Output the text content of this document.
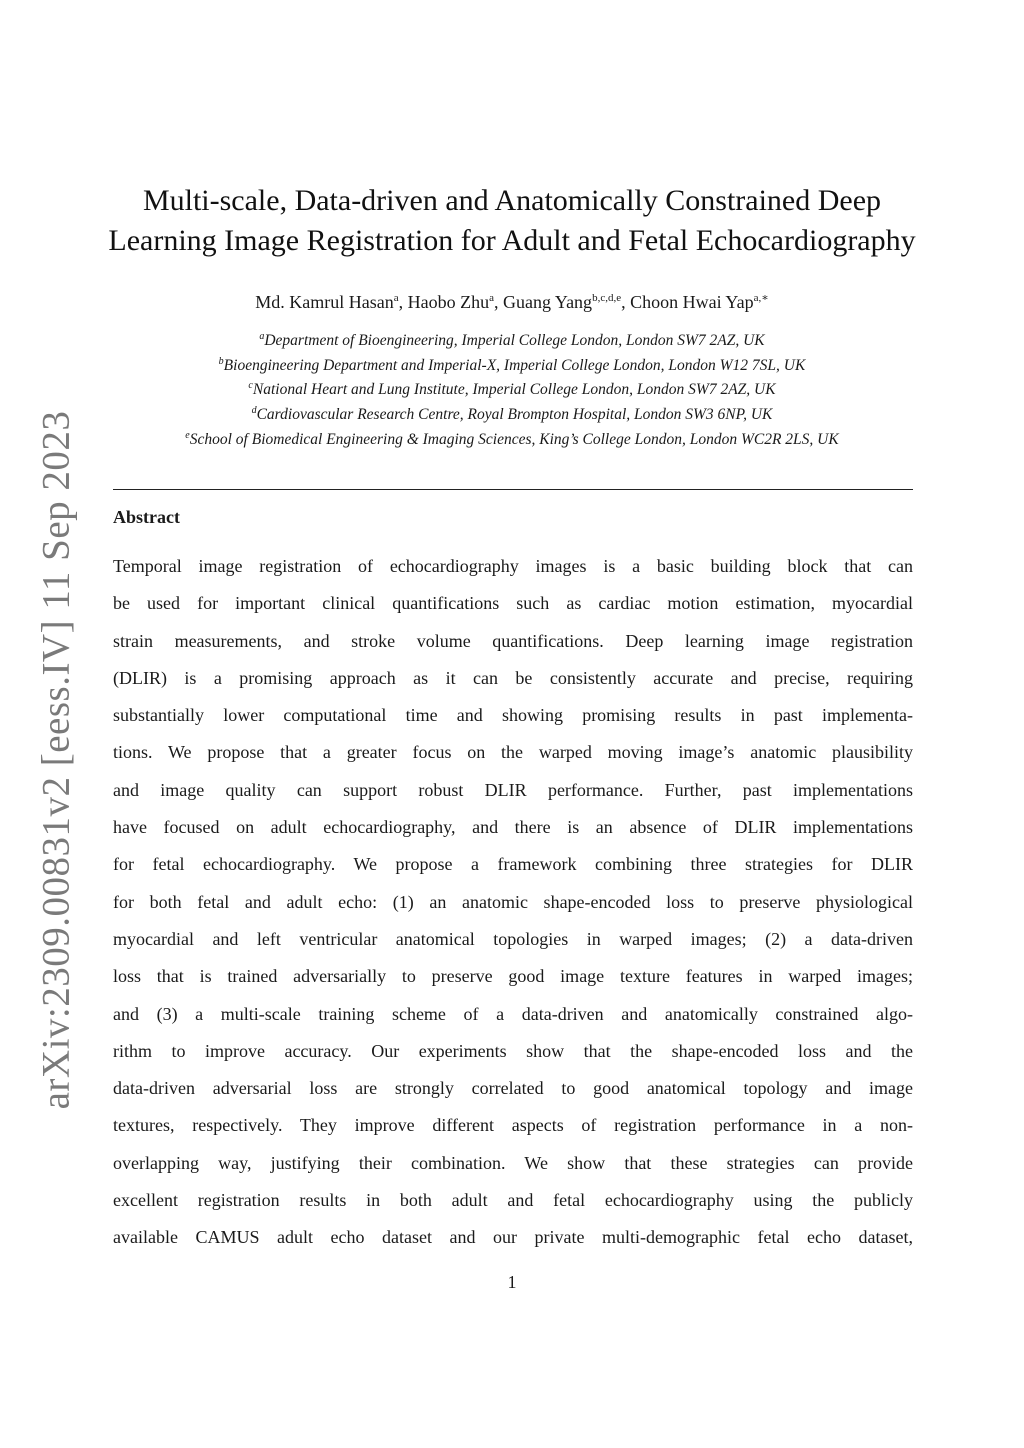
arXiv:2309.00831v2 [eess.IV] 11 Sep 2023
Multi-scale, Data-driven and Anatomically Constrained Deep
Learning Image Registration for Adult and Fetal Echocardiography
Md. Kamrul Hasan$^a$, Haobo Zhu$^a$, Guang Yang$^{b,c,d,e}$, Choon Hwai Yap$^{a,∗}$
$^a$Department of Bioengineering, Imperial College London, London SW7 2AZ, UK
$^b$Bioengineering Department and Imperial-X, Imperial College London, London W12 7SL, UK
$^c$National Heart and Lung Institute, Imperial College London, London SW7 2AZ, UK
$^d$Cardiovascular Research Centre, Royal Brompton Hospital, London SW3 6NP, UK
$^e$School of Biomedical Engineering & Imaging Sciences, King’s College London, London WC2R 2LS, UK
Abstract
Temporal image registration of echocardiography images is a basic building block that can
be used for important clinical quantifications such as cardiac motion estimation, myocardial
strain measurements, and stroke volume quantifications. Deep learning image registration
(DLIR) is a promising approach as it can be consistently accurate and precise, requiring
substantially lower computational time and showing promising results in past implementa-
tions. We propose that a greater focus on the warped moving image’s anatomic plausibility
and image quality can support robust DLIR performance. Further, past implementations
have focused on adult echocardiography, and there is an absence of DLIR implementations
for fetal echocardiography. We propose a framework combining three strategies for DLIR
for both fetal and adult echo: (1) an anatomic shape-encoded loss to preserve physiological
myocardial and left ventricular anatomical topologies in warped images; (2) a data-driven
loss that is trained adversarially to preserve good image texture features in warped images;
and (3) a multi-scale training scheme of a data-driven and anatomically constrained algo-
rithm to improve accuracy. Our experiments show that the shape-encoded loss and the
data-driven adversarial loss are strongly correlated to good anatomical topology and image
textures, respectively. They improve different aspects of registration performance in a non-
overlapping way, justifying their combination. We show that these strategies can provide
excellent registration results in both adult and fetal echocardiography using the publicly
available CAMUS adult echo dataset and our private multi-demographic fetal echo dataset,
1
